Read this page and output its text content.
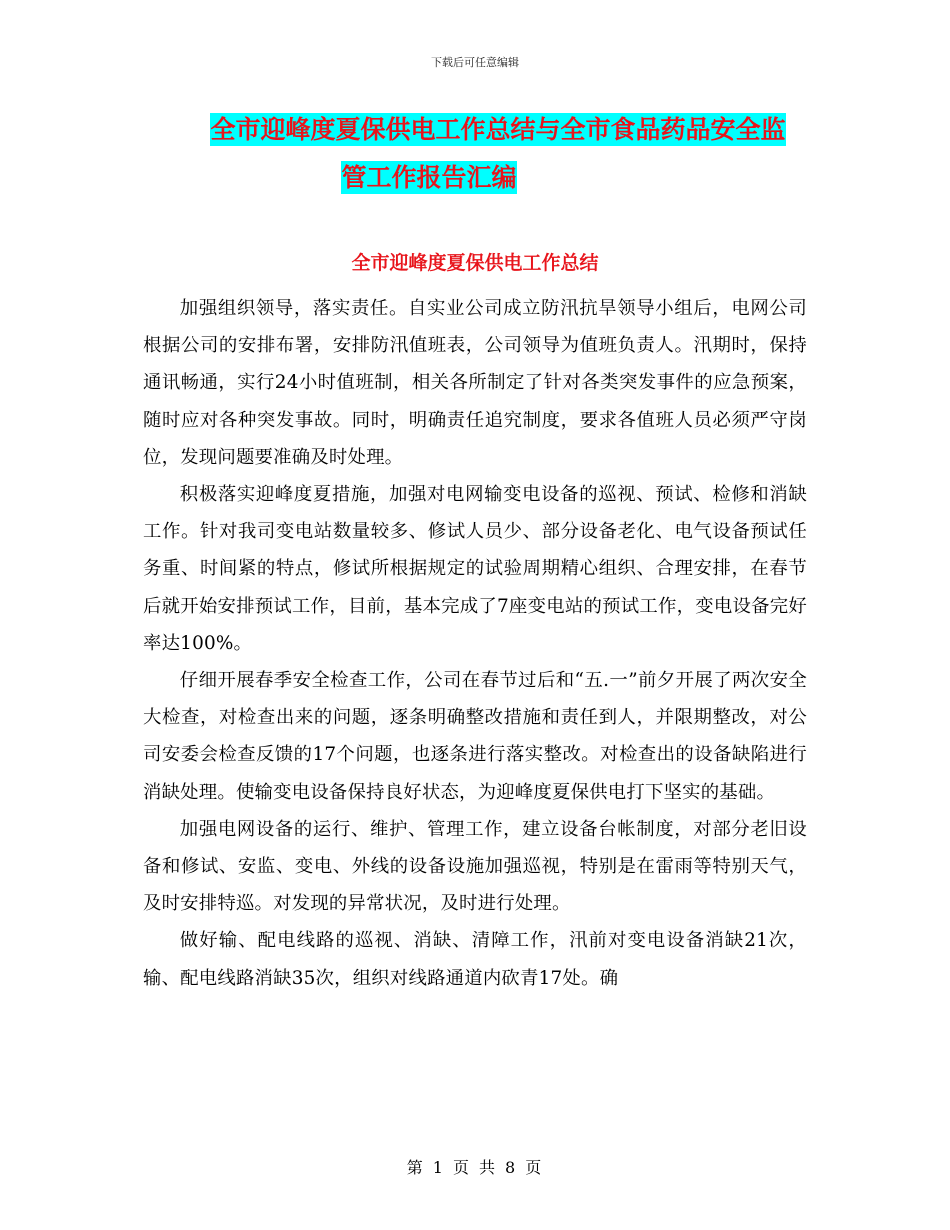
下载后可任意编辑
全市迎峰度夏保供电工作总结与全市食品药品安全监
管工作报告汇编
全市迎峰度夏保供电工作总结

加强组织领导，落实责任。自实业公司成立防汛抗旱领导小组后，电网公司根据公司的安排布署，安排防汛值班表，公司领导为值班负责人。汛期时，保持通讯畅通，实行24小时值班制，相关各所制定了针对各类突发事件的应急预案，随时应对各种突发事故。同时，明确责任追究制度，要求各值班人员必须严守岗位，发现问题要准确及时处理。

积极落实迎峰度夏措施，加强对电网输变电设备的巡视、预试、检修和消缺工作。针对我司变电站数量较多、修试人员少、部分设备老化、电气设备预试任务重、时间紧的特点，修试所根据规定的试验周期精心组织、合理安排，在春节后就开始安排预试工作，目前，基本完成了7座变电站的预试工作，变电设备完好率达100%。

仔细开展春季安全检查工作，公司在春节过后和“五.一”前夕开展了两次安全大检查，对检查出来的问题，逐条明确整改措施和责任到人，并限期整改，对公司安委会检查反馈的17个问题，也逐条进行落实整改。对检查出的设备缺陷进行消缺处理。使输变电设备保持良好状态，为迎峰度夏保供电打下坚实的基础。

加强电网设备的运行、维护、管理工作，建立设备台帐制度，对部分老旧设备和修试、安监、变电、外线的设备设施加强巡视，特别是在雷雨等特别天气，及时安排特巡。对发现的异常状况，及时进行处理。

做好输、配电线路的巡视、消缺、清障工作，汛前对变电设备消缺21次，输、配电线路消缺35次，组织对线路通道内砍青17处。确

第 1 页 共 8 页
